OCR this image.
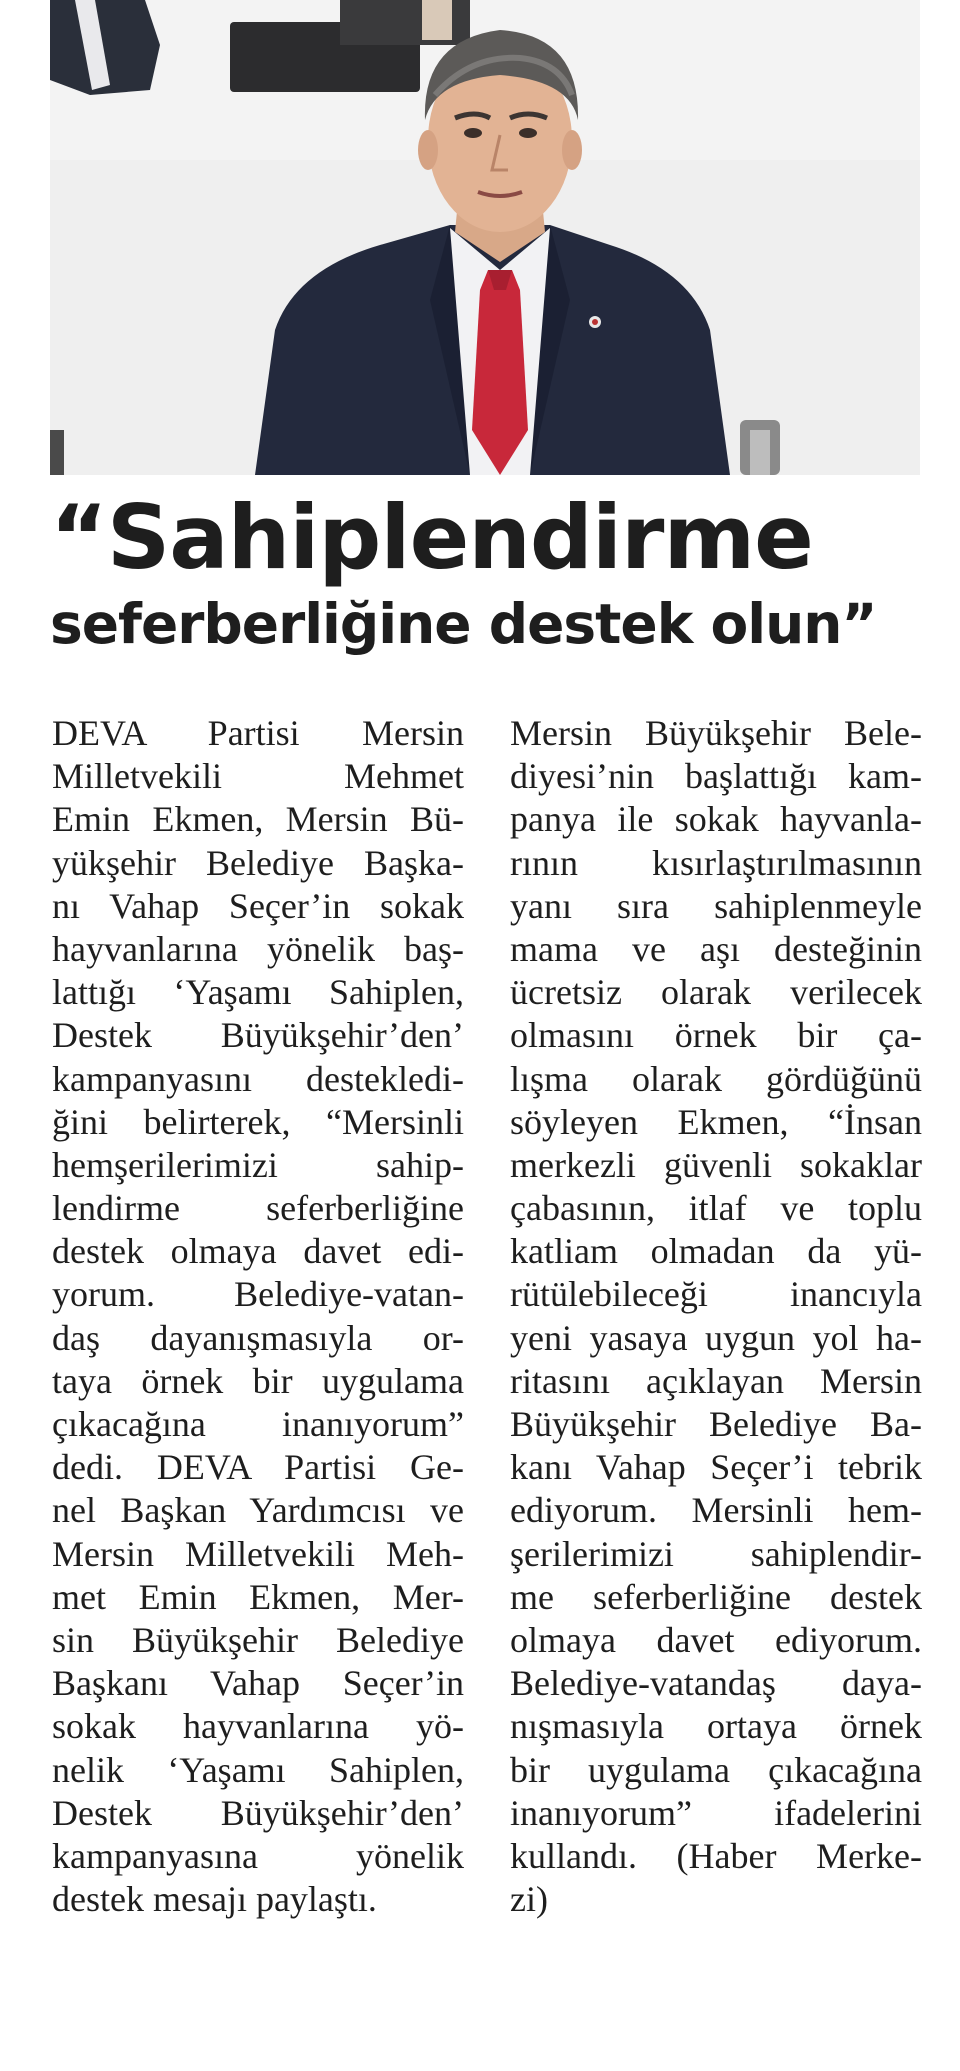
“Sahiplendirme
seferberliğine destek olun”
DEVA Partisi Mersin
Milletvekili Mehmet
Emin Ekmen, Mersin Bü-
yükşehir Belediye Başka-
nı Vahap Seçer’in sokak
hayvanlarına yönelik baş-
lattığı ‘Yaşamı Sahiplen,
Destek Büyükşehir’den’
kampanyasını destekledi-
ğini belirterek, “Mersinli
hemşerilerimizi sahip-
lendirme seferberliğine
destek olmaya davet edi-
yorum. Belediye-vatan-
daş dayanışmasıyla or-
taya örnek bir uygulama
çıkacağına inanıyorum”
dedi. DEVA Partisi Ge-
nel Başkan Yardımcısı ve
Mersin Milletvekili Meh-
met Emin Ekmen, Mer-
sin Büyükşehir Belediye
Başkanı Vahap Seçer’in
sokak hayvanlarına yö-
nelik ‘Yaşamı Sahiplen,
Destek Büyükşehir’den’
kampanyasına yönelik
destek mesajı paylaştı.
Mersin Büyükşehir Bele-
diyesi’nin başlattığı kam-
panya ile sokak hayvanla-
rının kısırlaştırılmasının
yanı sıra sahiplenmeyle
mama ve aşı desteğinin
ücretsiz olarak verilecek
olmasını örnek bir ça-
lışma olarak gördüğünü
söyleyen Ekmen, “İnsan
merkezli güvenli sokaklar
çabasının, itlaf ve toplu
katliam olmadan da yü-
rütülebileceği inancıyla
yeni yasaya uygun yol ha-
ritasını açıklayan Mersin
Büyükşehir Belediye Ba-
kanı Vahap Seçer’i tebrik
ediyorum. Mersinli hem-
şerilerimizi sahiplendir-
me seferberliğine destek
olmaya davet ediyorum.
Belediye-vatandaş daya-
nışmasıyla ortaya örnek
bir uygulama çıkacağına
inanıyorum” ifadelerini
kullandı. (Haber Merke-
zi)
